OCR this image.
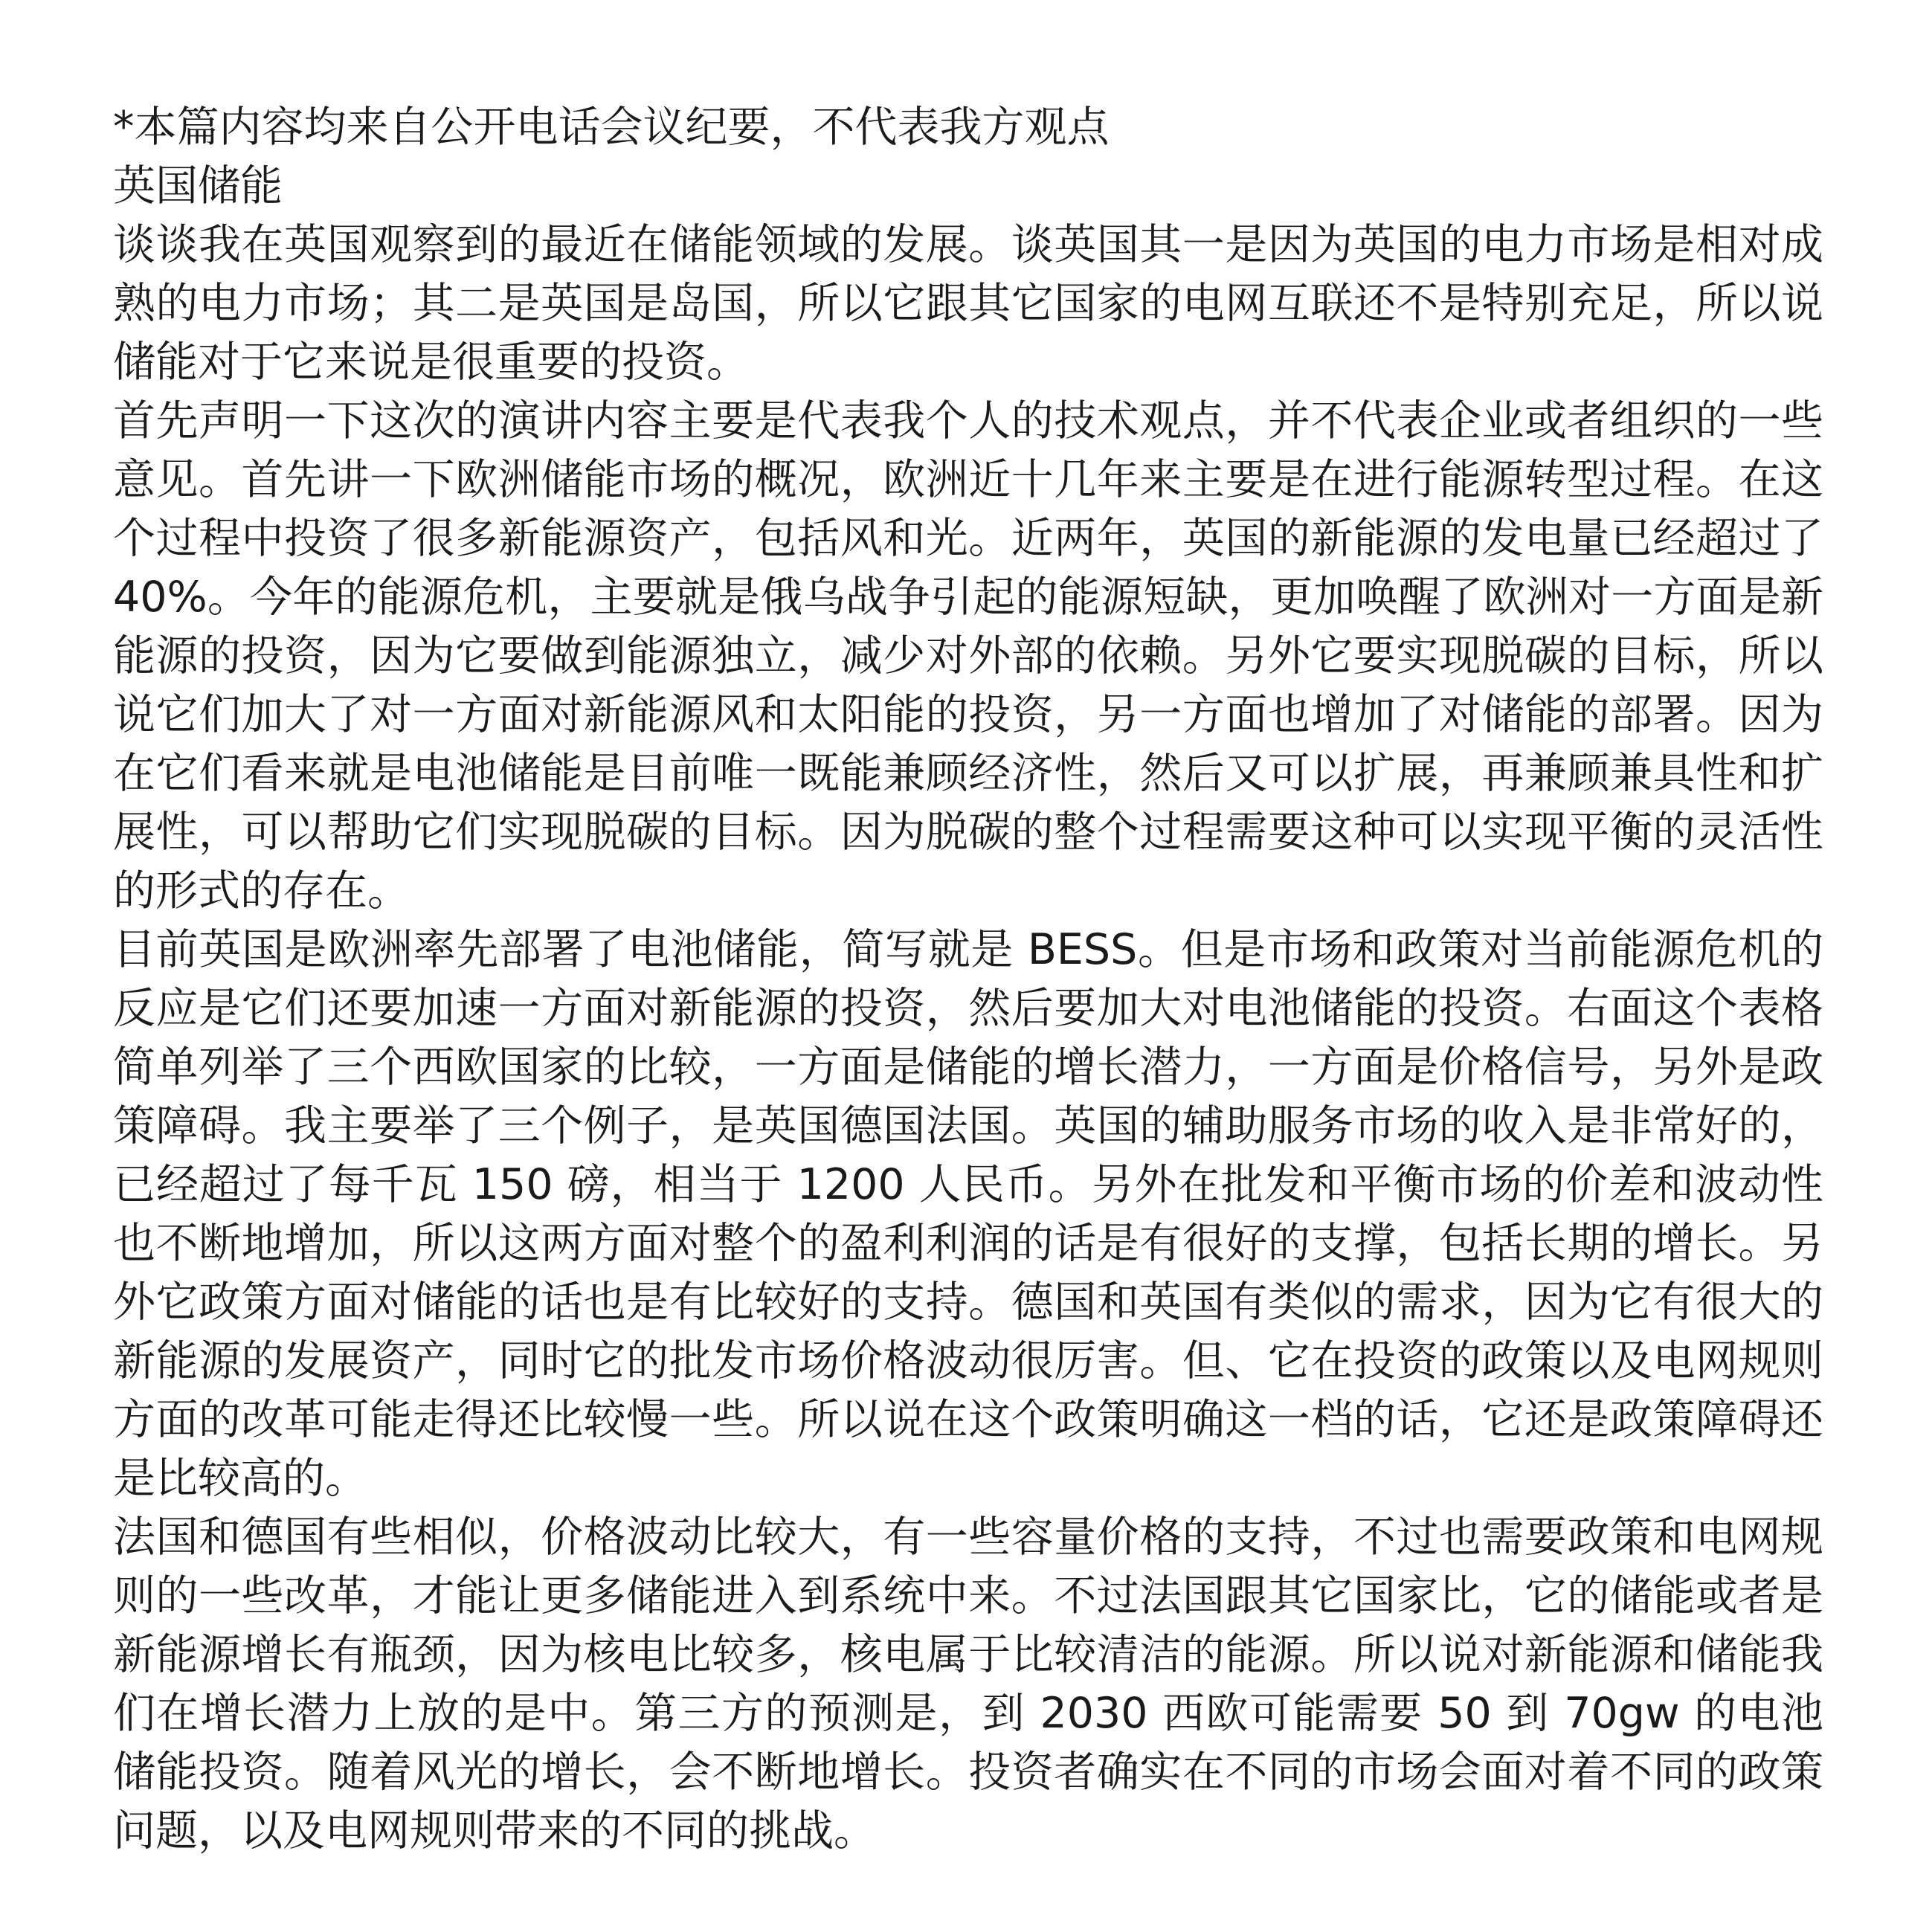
*本篇内容均来自公开电话会议纪要，不代表我方观点

英国储能

谈谈我在英国观察到的最近在储能领域的发展。谈英国其一是因为英国的电力市场是相对成熟的电力市场；其二是英国是岛国，所以它跟其它国家的电网互联还不是特别充足，所以说储能对于它来说是很重要的投资。

首先声明一下这次的演讲内容主要是代表我个人的技术观点，并不代表企业或者组织的一些意见。首先讲一下欧洲储能市场的概况，欧洲近十几年来主要是在进行能源转型过程。在这个过程中投资了很多新能源资产，包括风和光。近两年，英国的新能源的发电量已经超过了 40%。今年的能源危机，主要就是俄乌战争引起的能源短缺，更加唤醒了欧洲对一方面是新能源的投资，因为它要做到能源独立，减少对外部的依赖。另外它要实现脱碳的目标，所以说它们加大了对一方面对新能源风和太阳能的投资，另一方面也增加了对储能的部署。因为在它们看来就是电池储能是目前唯一既能兼顾经济性，然后又可以扩展，再兼顾兼具性和扩展性，可以帮助它们实现脱碳的目标。因为脱碳的整个过程需要这种可以实现平衡的灵活性的形式的存在。

目前英国是欧洲率先部署了电池储能，简写就是 BESS。但是市场和政策对当前能源危机的反应是它们还要加速一方面对新能源的投资，然后要加大对电池储能的投资。右面这个表格简单列举了三个西欧国家的比较，一方面是储能的增长潜力，一方面是价格信号，另外是政策障碍。我主要举了三个例子，是英国德国法国。英国的辅助服务市场的收入是非常好的，已经超过了每千瓦 150 磅，相当于 1200 人民币。另外在批发和平衡市场的价差和波动性也不断地增加，所以这两方面对整个的盈利利润的话是有很好的支撑，包括长期的增长。另外它政策方面对储能的话也是有比较好的支持。德国和英国有类似的需求，因为它有很大的新能源的发展资产，同时它的批发市场价格波动很厉害。但、它在投资的政策以及电网规则方面的改革可能走得还比较慢一些。所以说在这个政策明确这一档的话，它还是政策障碍还是比较高的。

法国和德国有些相似，价格波动比较大，有一些容量价格的支持，不过也需要政策和电网规则的一些改革，才能让更多储能进入到系统中来。不过法国跟其它国家比，它的储能或者是新能源增长有瓶颈，因为核电比较多，核电属于比较清洁的能源。所以说对新能源和储能我们在增长潜力上放的是中。第三方的预测是，到 2030 西欧可能需要 50 到 70gw 的电池储能投资。随着风光的增长，会不断地增长。投资者确实在不同的市场会面对着不同的政策问题，以及电网规则带来的不同的挑战。
